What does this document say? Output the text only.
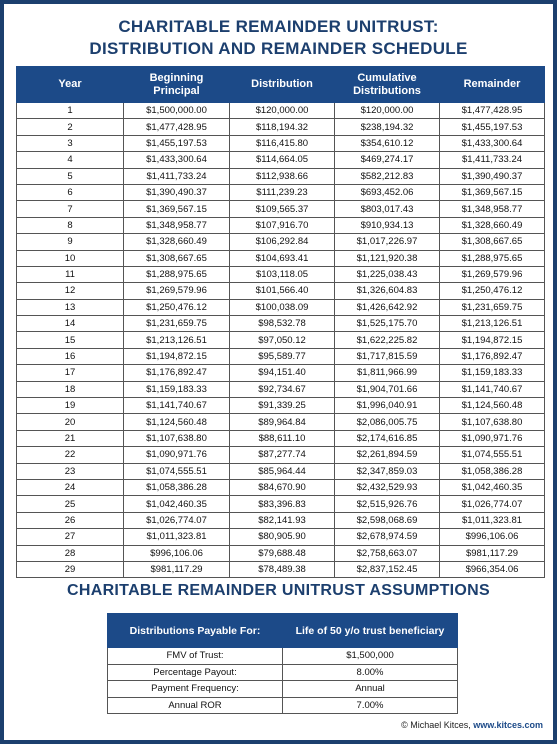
CHARITABLE REMAINDER UNITRUST:
DISTRIBUTION AND REMAINDER SCHEDULE
Year	Beginning Principal	Distribution	Cumulative Distributions	Remainder
1	$1,500,000.00	$120,000.00	$120,000.00	$1,477,428.95
2	$1,477,428.95	$118,194.32	$238,194.32	$1,455,197.53
3	$1,455,197.53	$116,415.80	$354,610.12	$1,433,300.64
4	$1,433,300.64	$114,664.05	$469,274.17	$1,411,733.24
5	$1,411,733.24	$112,938.66	$582,212.83	$1,390,490.37
6	$1,390,490.37	$111,239.23	$693,452.06	$1,369,567.15
7	$1,369,567.15	$109,565.37	$803,017.43	$1,348,958.77
8	$1,348,958.77	$107,916.70	$910,934.13	$1,328,660.49
9	$1,328,660.49	$106,292.84	$1,017,226.97	$1,308,667.65
10	$1,308,667.65	$104,693.41	$1,121,920.38	$1,288,975.65
11	$1,288,975.65	$103,118.05	$1,225,038.43	$1,269,579.96
12	$1,269,579.96	$101,566.40	$1,326,604.83	$1,250,476.12
13	$1,250,476.12	$100,038.09	$1,426,642.92	$1,231,659.75
14	$1,231,659.75	$98,532.78	$1,525,175.70	$1,213,126.51
15	$1,213,126.51	$97,050.12	$1,622,225.82	$1,194,872.15
16	$1,194,872.15	$95,589.77	$1,717,815.59	$1,176,892.47
17	$1,176,892.47	$94,151.40	$1,811,966.99	$1,159,183.33
18	$1,159,183.33	$92,734.67	$1,904,701.66	$1,141,740.67
19	$1,141,740.67	$91,339.25	$1,996,040.91	$1,124,560.48
20	$1,124,560.48	$89,964.84	$2,086,005.75	$1,107,638.80
21	$1,107,638.80	$88,611.10	$2,174,616.85	$1,090,971.76
22	$1,090,971.76	$87,277.74	$2,261,894.59	$1,074,555.51
23	$1,074,555.51	$85,964.44	$2,347,859.03	$1,058,386.28
24	$1,058,386.28	$84,670.90	$2,432,529.93	$1,042,460.35
25	$1,042,460.35	$83,396.83	$2,515,926.76	$1,026,774.07
26	$1,026,774.07	$82,141.93	$2,598,068.69	$1,011,323.81
27	$1,011,323.81	$80,905.90	$2,678,974.59	$996,106.06
28	$996,106.06	$79,688.48	$2,758,663.07	$981,117.29
29	$981,117.29	$78,489.38	$2,837,152.45	$966,354.06
CHARITABLE REMAINDER UNITRUST ASSUMPTIONS
Distributions Payable For:	Life of 50 y/o trust beneficiary
FMV of Trust:	$1,500,000
Percentage Payout:	8.00%
Payment Frequency:	Annual
Annual ROR	7.00%
© Michael Kitces, www.kitces.com
